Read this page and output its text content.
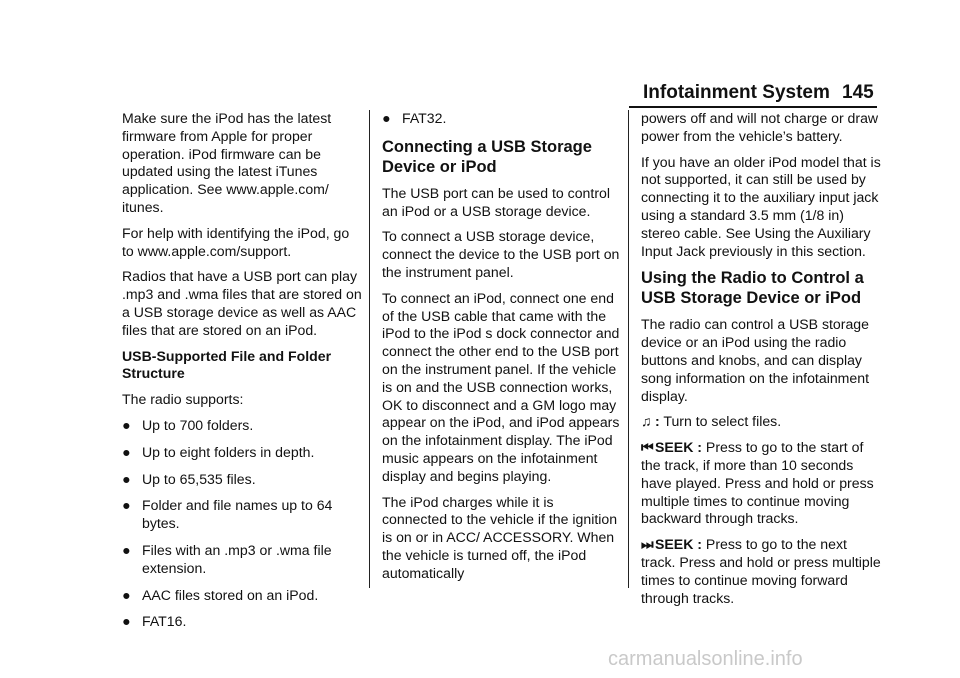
Infotainment System 145

Make sure the iPod has the latest firmware from Apple for proper operation. iPod firmware can be updated using the latest iTunes application. See www.apple.com/ itunes.

For help with identifying the iPod, go to www.apple.com/support.

Radios that have a USB port can play .mp3 and .wma files that are stored on a USB storage device as well as AAC files that are stored on an iPod.

USB-Supported File and Folder Structure

The radio supports:

● Up to 700 folders.
● Up to eight folders in depth.
● Up to 65,535 files.
● Folder and file names up to 64 bytes.
● Files with an .mp3 or .wma file extension.
● AAC files stored on an iPod.
● FAT16.
● FAT32.
Connecting a USB Storage Device or iPod

The USB port can be used to control an iPod or a USB storage device.

To connect a USB storage device, connect the device to the USB port on the instrument panel.

To connect an iPod, connect one end of the USB cable that came with the iPod to the iPod s dock connector and connect the other end to the USB port on the instrument panel. If the vehicle is on and the USB connection works, OK to disconnect and a GM logo may appear on the iPod, and iPod appears on the infotainment display. The iPod music appears on the infotainment display and begins playing.

The iPod charges while it is connected to the vehicle if the ignition is on or in ACC/ ACCESSORY. When the vehicle is turned off, the iPod automatically

powers off and will not charge or draw power from the vehicle’s battery.

If you have an older iPod model that is not supported, it can still be used by connecting it to the auxiliary input jack using a standard 3.5 mm (1/8 in) stereo cable. See Using the Auxiliary Input Jack previously in this section.

Using the Radio to Control a USB Storage Device or iPod

The radio can control a USB storage device or an iPod using the radio buttons and knobs, and can display song information on the infotainment display.

♫ : Turn to select files.

⏮SEEK : Press to go to the start of the track, if more than 10 seconds have played. Press and hold or press multiple times to continue moving backward through tracks.

⏭SEEK : Press to go to the next track. Press and hold or press multiple times to continue moving forward through tracks.

carmanualsonline.info
